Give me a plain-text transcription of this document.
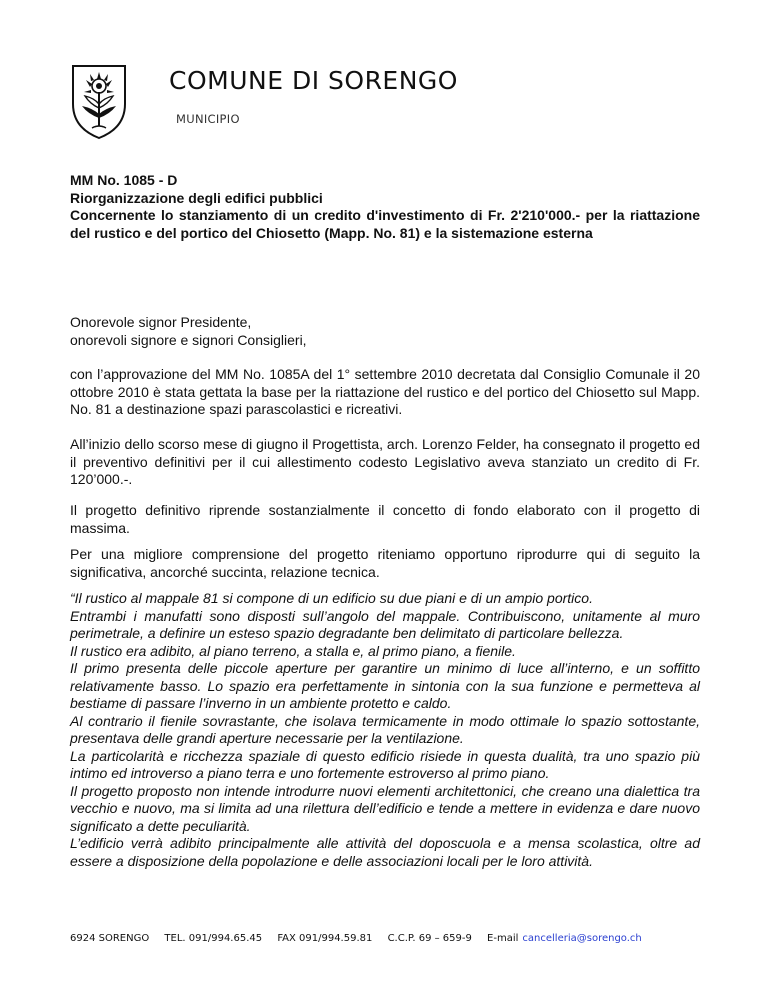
COMUNE DI SORENGO
MUNICIPIO
MM No. 1085 - D
Riorganizzazione degli edifici pubblici
Concernente lo stanziamento di un credito d'investimento di Fr. 2'210'000.- per la riattazione del rustico e del portico del Chiosetto (Mapp. No. 81) e la sistemazione esterna
Onorevole signor Presidente,
onorevoli signore e signori Consiglieri,

con l’approvazione del MM No. 1085A del 1° settembre 2010 decretata dal Consiglio Comunale il 20 ottobre 2010 è stata gettata la base per la riattazione del rustico e del portico del Chiosetto sul Mapp. No. 81 a destinazione spazi parascolastici e ricreativi.

All’inizio dello scorso mese di giugno il Progettista, arch. Lorenzo Felder, ha consegnato il progetto ed il preventivo definitivi per il cui allestimento codesto Legislativo aveva stanziato un credito di Fr. 120’000.-.

Il progetto definitivo riprende sostanzialmente il concetto di fondo elaborato con il progetto di massima.

Per una migliore comprensione del progetto riteniamo opportuno riprodurre qui di seguito la significativa, ancorché succinta, relazione tecnica.

“Il rustico al mappale 81 si compone di un edificio su due piani e di un ampio portico.

Entrambi i manufatti sono disposti sull’angolo del mappale. Contribuiscono, unitamente al muro perimetrale, a definire un esteso spazio degradante ben delimitato di particolare bellezza.

Il rustico era adibito, al piano terreno, a stalla e, al primo piano, a fienile.

Il primo presenta delle piccole aperture per garantire un minimo di luce all’interno, e un soffitto relativamente basso. Lo spazio era perfettamente in sintonia con la sua funzione e permetteva al bestiame di passare l’inverno in un ambiente protetto e caldo.

Al contrario il fienile sovrastante, che isolava termicamente in modo ottimale lo spazio sottostante, presentava delle grandi aperture necessarie per la ventilazione.

La particolarità e ricchezza spaziale di questo edificio risiede in questa dualità, tra uno spazio più intimo ed introverso a piano terra e uno fortemente estroverso al primo piano.

Il progetto proposto non intende introdurre nuovi elementi architettonici, che creano una dialettica tra vecchio e nuovo, ma si limita ad una rilettura dell’edificio e tende a mettere in evidenza e dare nuovo significato a dette peculiarità.

L’edificio verrà adibito principalmente alle attività del doposcuola e a mensa scolastica, oltre ad essere a disposizione della popolazione e delle associazioni locali per le loro attività.

6924 SORENGO TEL. 091/994.65.45 FAX 091/994.59.81 C.C.P. 69 – 659-9 E-mail cancelleria@sorengo.ch
